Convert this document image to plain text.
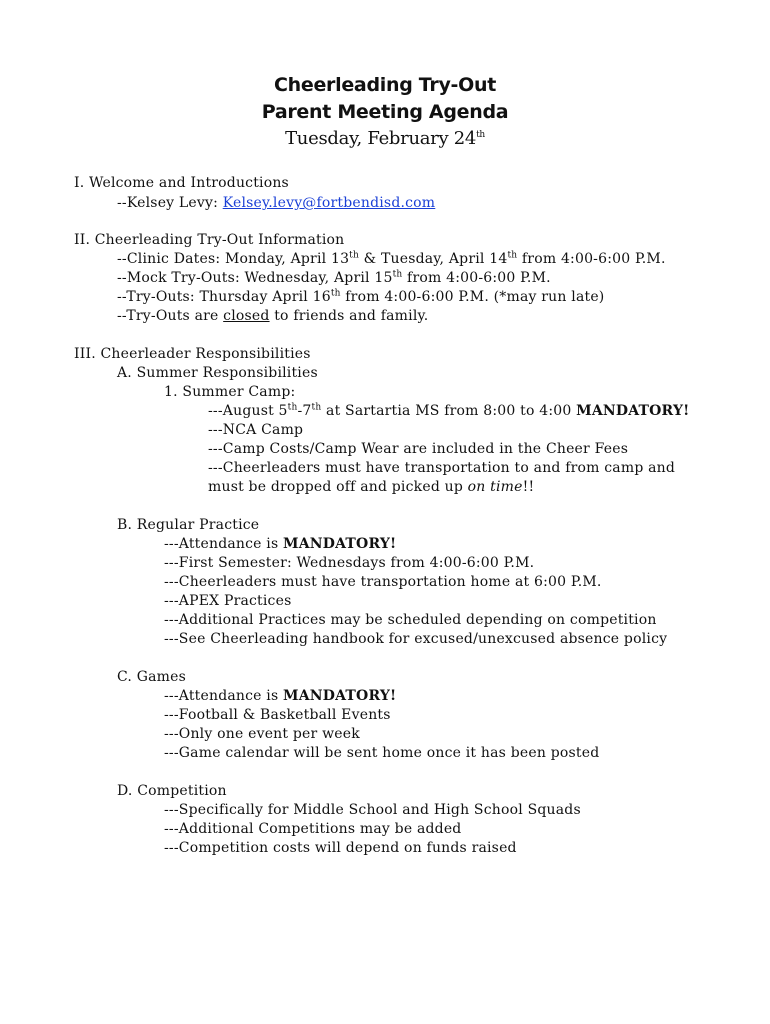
Cheerleading Try-Out
Parent Meeting Agenda
Tuesday, February 24th
I. Welcome and Introductions
--Kelsey Levy: Kelsey.levy@fortbendisd.com
II. Cheerleading Try-Out Information
--Clinic Dates: Monday, April 13th & Tuesday, April 14th from 4:00-6:00 P.M.
--Mock Try-Outs: Wednesday, April 15th from 4:00-6:00 P.M.
--Try-Outs: Thursday April 16th from 4:00-6:00 P.M. (*may run late)
--Try-Outs are closed to friends and family.
III. Cheerleader Responsibilities
A. Summer Responsibilities
1. Summer Camp:
---August 5th-7th at Sartartia MS from 8:00 to 4:00 MANDATORY!
---NCA Camp
---Camp Costs/Camp Wear are included in the Cheer Fees
---Cheerleaders must have transportation to and from camp and
must be dropped off and picked up on time!!
B. Regular Practice
---Attendance is MANDATORY!
---First Semester: Wednesdays from 4:00-6:00 P.M.
---Cheerleaders must have transportation home at 6:00 P.M.
---APEX Practices
---Additional Practices may be scheduled depending on competition
---See Cheerleading handbook for excused/unexcused absence policy
C. Games
---Attendance is MANDATORY!
---Football & Basketball Events
---Only one event per week
---Game calendar will be sent home once it has been posted
D. Competition
---Specifically for Middle School and High School Squads
---Additional Competitions may be added
---Competition costs will depend on funds raised
